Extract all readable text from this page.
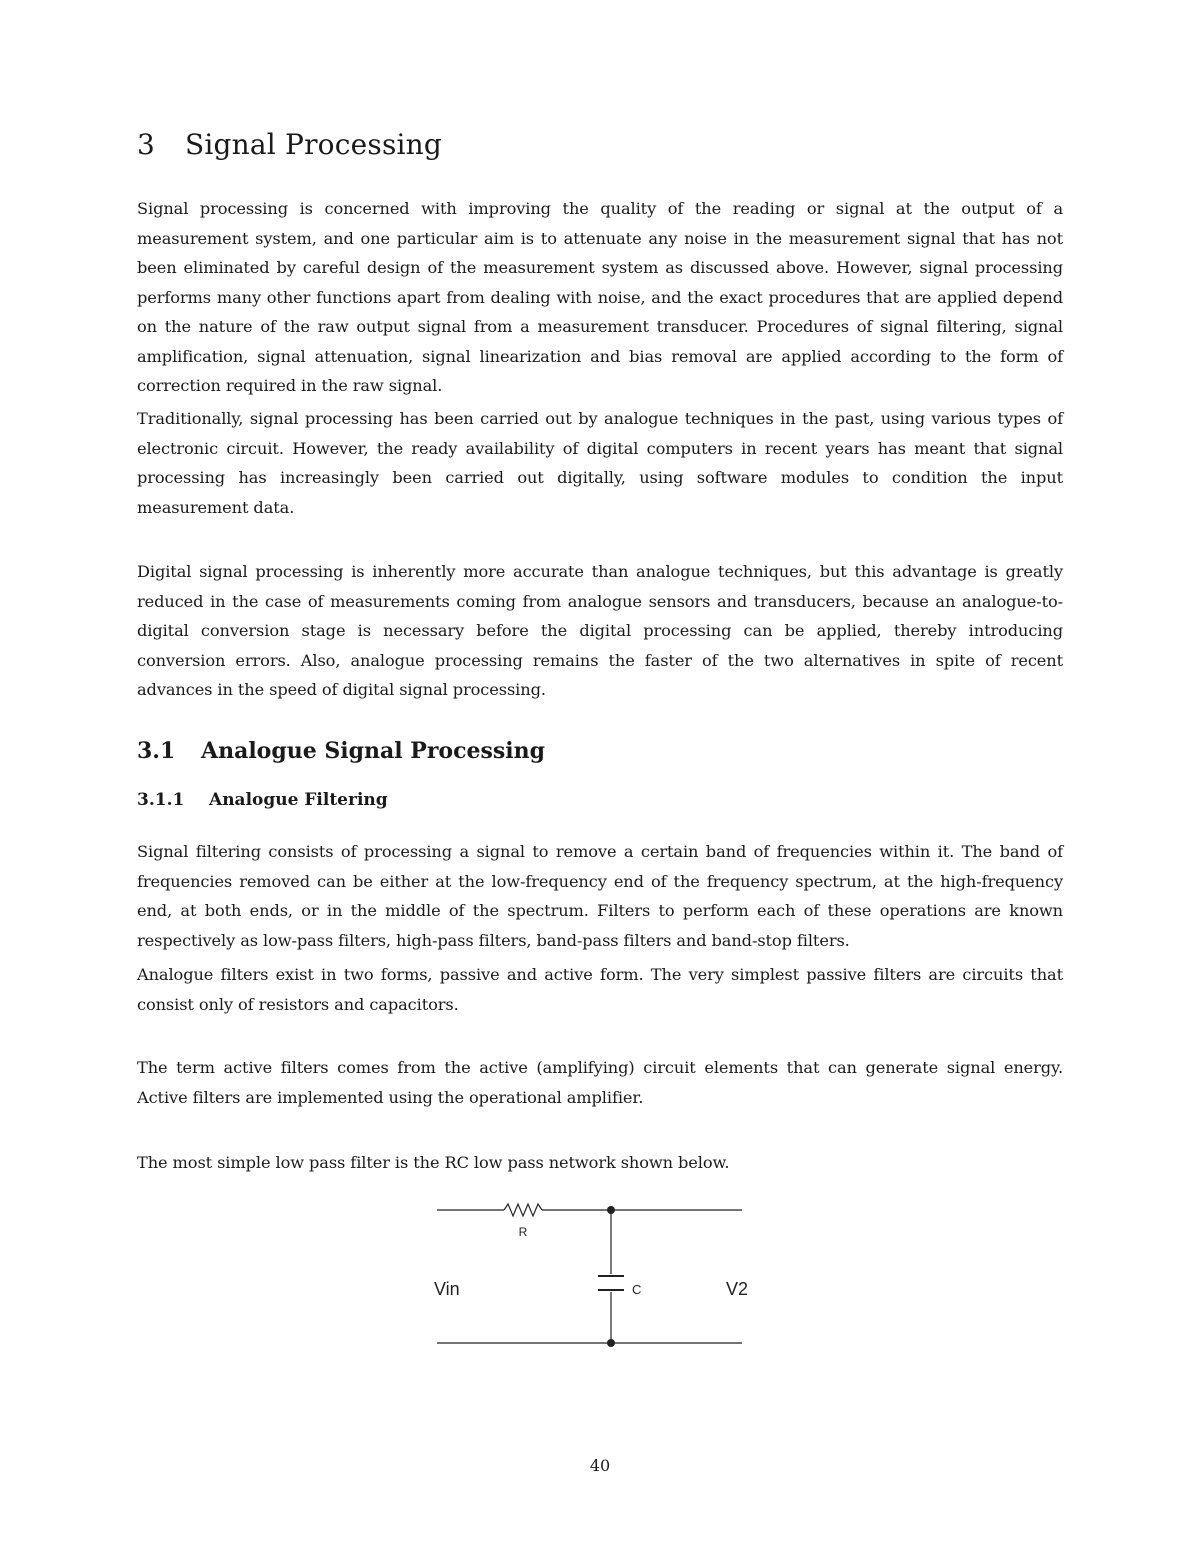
3 Signal Processing

Signal processing is concerned with improving the quality of the reading or signal at the output of a measurement system, and one particular aim is to attenuate any noise in the measurement signal that has not been eliminated by careful design of the measurement system as discussed above. However, signal processing performs many other functions apart from dealing with noise, and the exact procedures that are applied depend on the nature of the raw output signal from a measurement transducer. Procedures of signal filtering, signal amplification, signal attenuation, signal linearization and bias removal are applied according to the form of correction required in the raw signal.

Traditionally, signal processing has been carried out by analogue techniques in the past, using various types of electronic circuit. However, the ready availability of digital computers in recent years has meant that signal processing has increasingly been carried out digitally, using software modules to condition the input measurement data.

Digital signal processing is inherently more accurate than analogue techniques, but this advantage is greatly reduced in the case of measurements coming from analogue sensors and transducers, because an analogue-to-digital conversion stage is necessary before the digital processing can be applied, thereby introducing conversion errors. Also, analogue processing remains the faster of the two alternatives in spite of recent advances in the speed of digital signal processing.

3.1 Analogue Signal Processing
3.1.1 Analogue Filtering

Signal filtering consists of processing a signal to remove a certain band of frequencies within it. The band of frequencies removed can be either at the low-frequency end of the frequency spectrum, at the high-frequency end, at both ends, or in the middle of the spectrum. Filters to perform each of these operations are known respectively as low-pass filters, high-pass filters, band-pass filters and band-stop filters.

Analogue filters exist in two forms, passive and active form. The very simplest passive filters are circuits that consist only of resistors and capacitors.

The term active filters comes from the active (amplifying) circuit elements that can generate signal energy. Active filters are implemented using the operational amplifier.

The most simple low pass filter is the RC low pass network shown below.

R
C
Vin	V2
40
